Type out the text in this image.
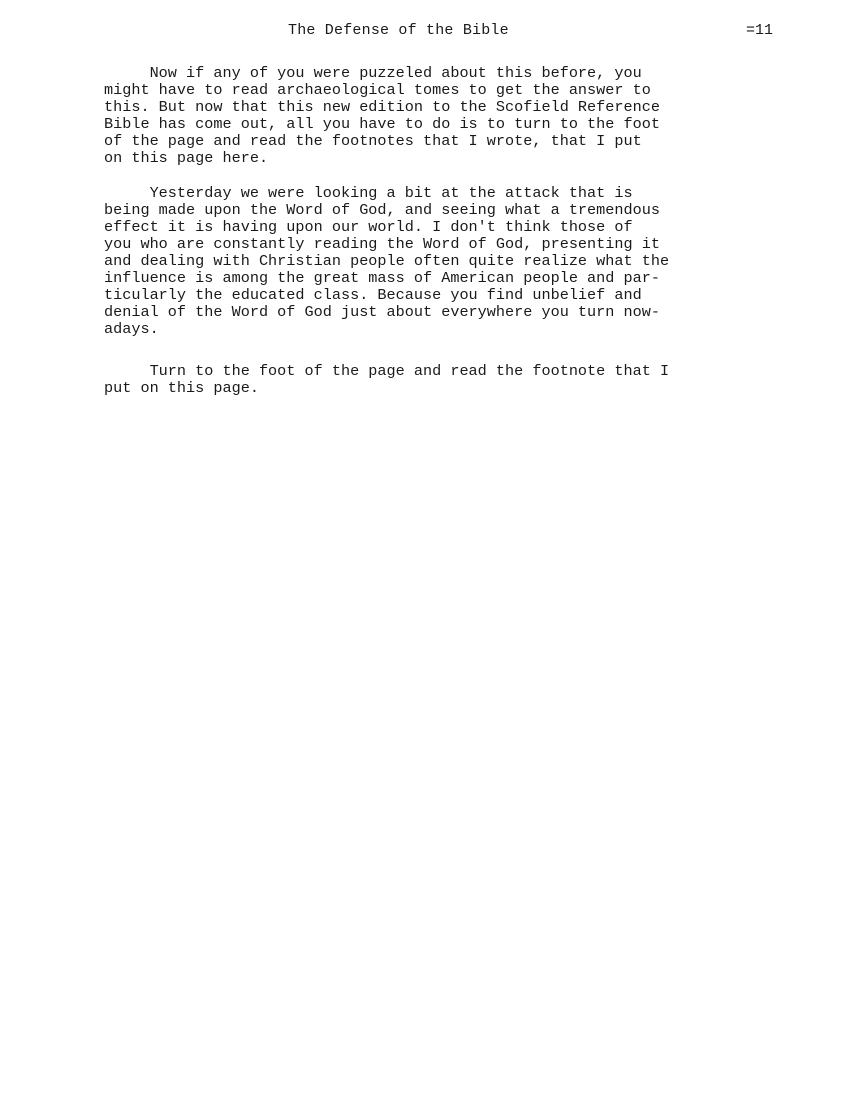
The Defense of the Bible	=11
Now if any of you were puzzeled about this before, you
might have to read archaeological tomes to get the answer to
this. But now that this new edition to the Scofield Reference
Bible has come out, all you have to do is to turn to the foot
of the page and read the footnotes that I wrote, that I put
on this page here.
Yesterday we were looking a bit at the attack that is
being made upon the Word of God, and seeing what a tremendous
effect it is having upon our world. I don't think those of
you who are constantly reading the Word of God, presenting it
and dealing with Christian people often quite realize what the
influence is among the great mass of American people and par-
ticularly the educated class. Because you find unbelief and
denial of the Word of God just about everywhere you turn now-
adays.
Turn to the foot of the page and read the footnote that I
put on this page.
